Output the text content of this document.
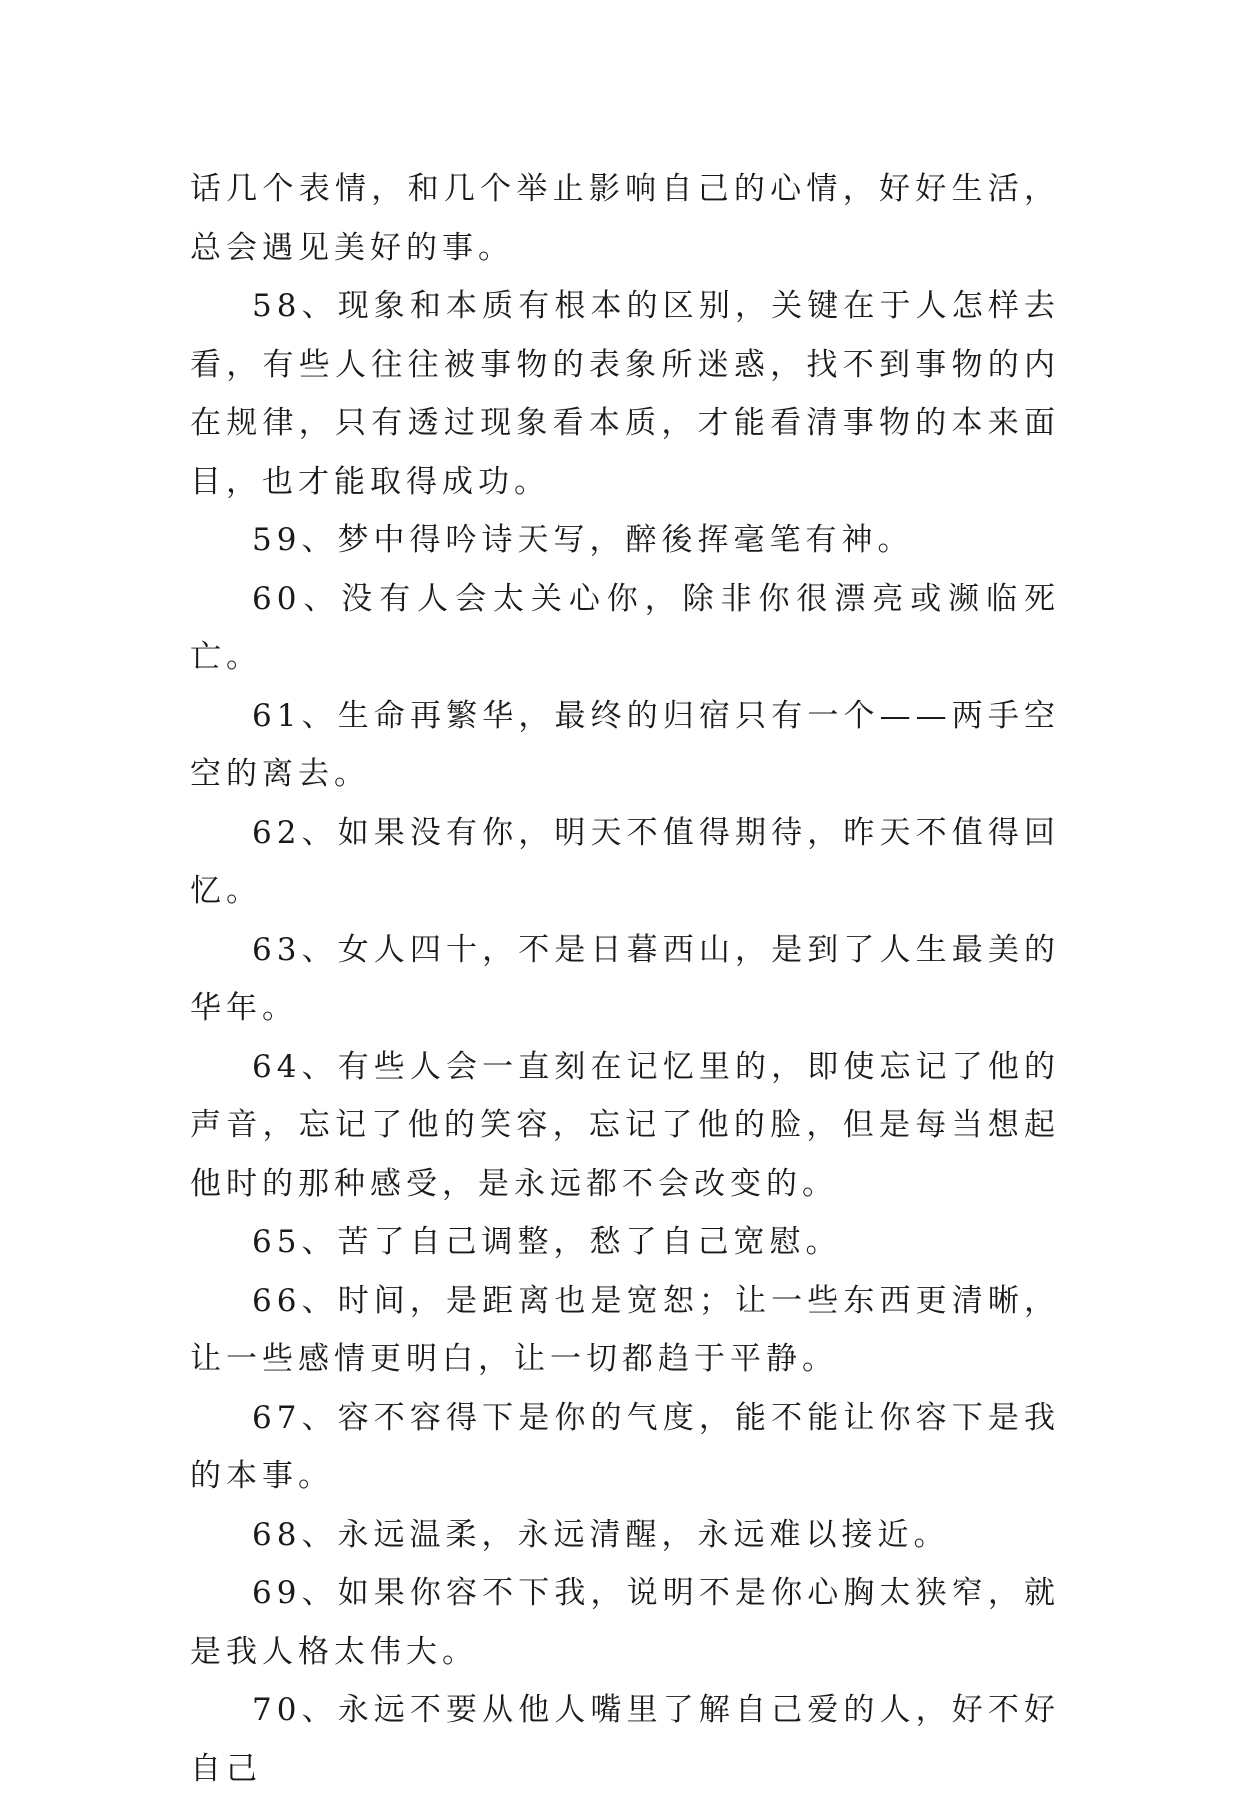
话几个表情，和几个举止影响自己的心情，好好生活，总会遇见美好的事。

58、现象和本质有根本的区别，关键在于人怎样去看，有些人往往被事物的表象所迷惑，找不到事物的内在规律，只有透过现象看本质，才能看清事物的本来面目，也才能取得成功。

59、梦中得吟诗天写，醉後挥毫笔有神。

60、没有人会太关心你，除非你很漂亮或濒临死亡。

61、生命再繁华，最终的归宿只有一个——两手空空的离去。

62、如果没有你，明天不值得期待，昨天不值得回忆。

63、女人四十，不是日暮西山，是到了人生最美的华年。

64、有些人会一直刻在记忆里的，即使忘记了他的声音，忘记了他的笑容，忘记了他的脸，但是每当想起他时的那种感受，是永远都不会改变的。

65、苦了自己调整，愁了自己宽慰。

66、时间，是距离也是宽恕；让一些东西更清晰，让一些感情更明白，让一切都趋于平静。

67、容不容得下是你的气度，能不能让你容下是我的本事。

68、永远温柔，永远清醒，永远难以接近。

69、如果你容不下我，说明不是你心胸太狭窄，就是我人格太伟大。

70、永远不要从他人嘴里了解自己爱的人，好不好自己
